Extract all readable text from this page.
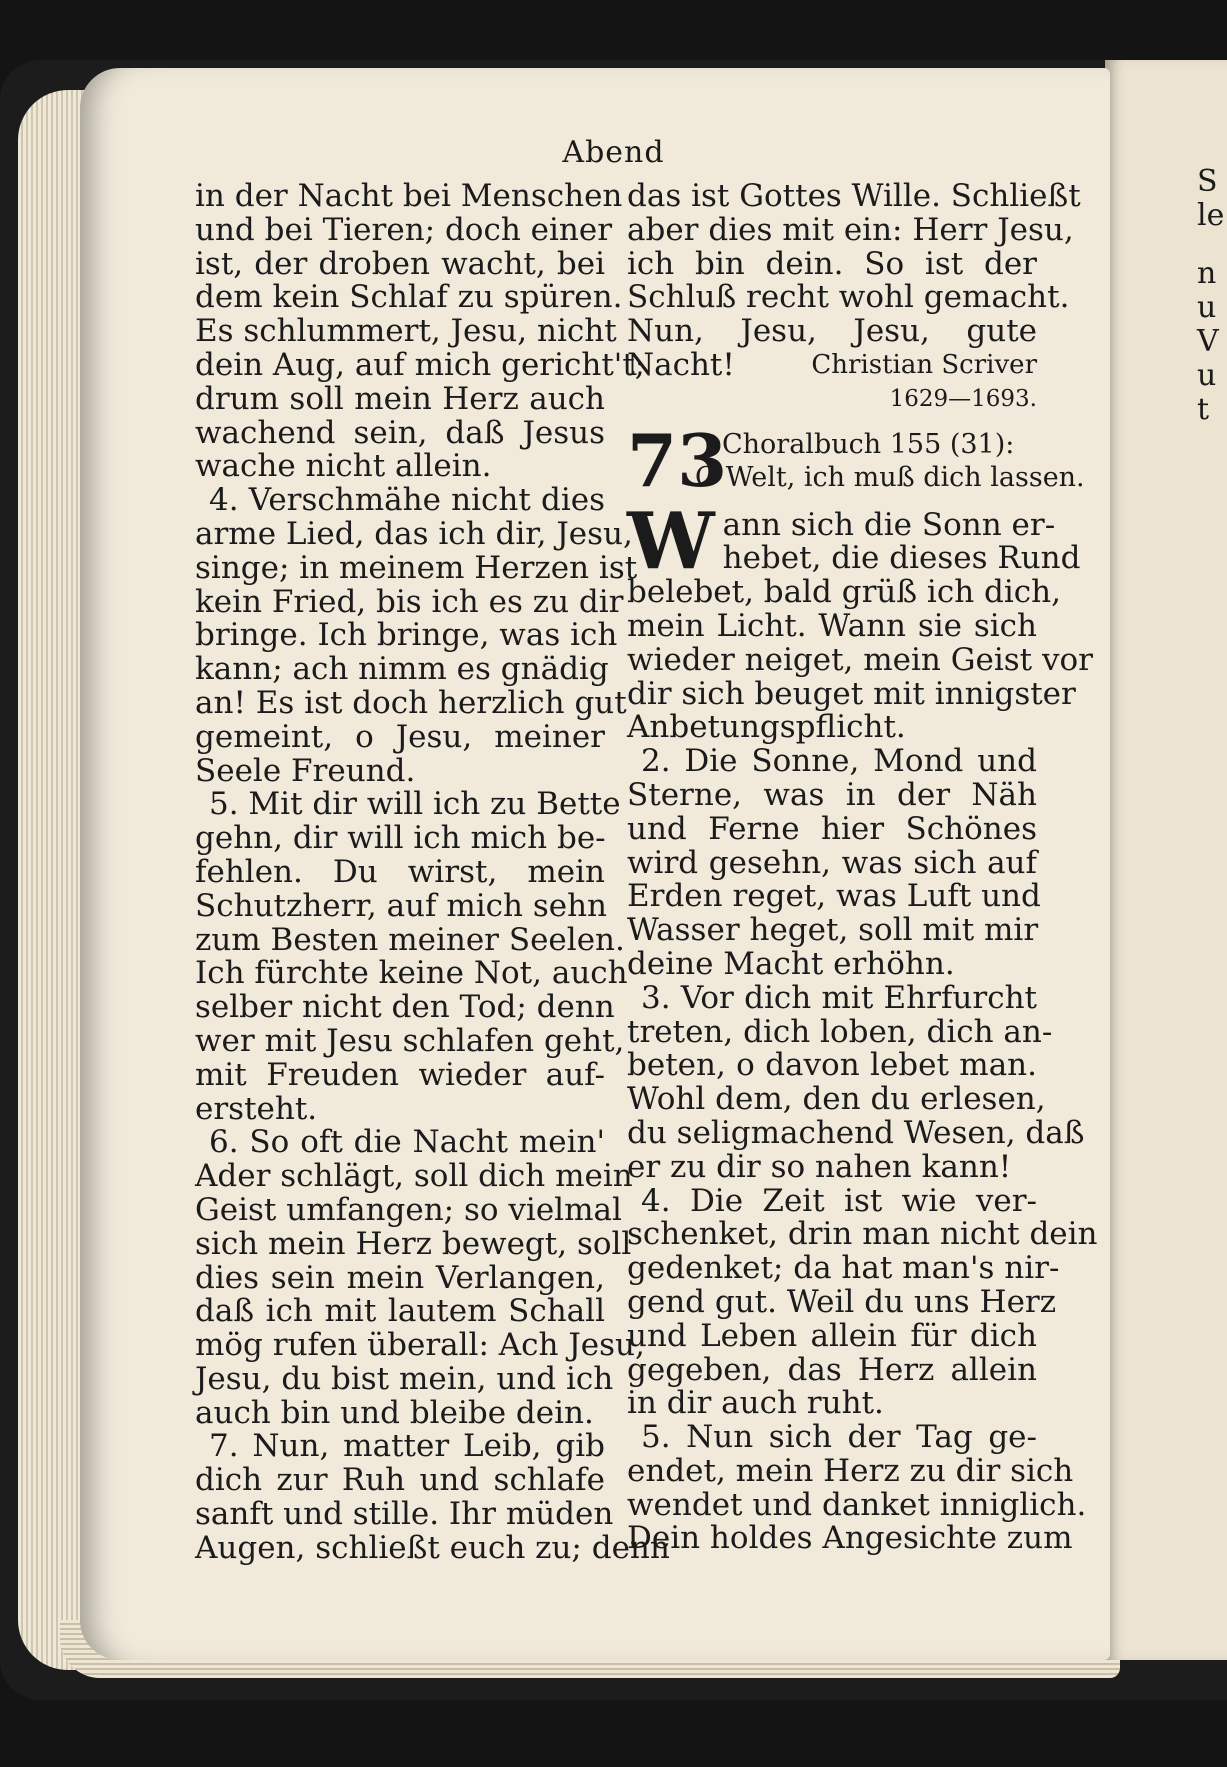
S
le
n
u
V
u
t
Abend
in der Nacht bei Menschen
und bei Tieren; doch einer
ist, der droben wacht, bei
dem kein Schlaf zu spüren.
Es schlummert, Jesu, nicht
dein Aug, auf mich gericht't;
drum soll mein Herz auch
wachend sein, daß Jesus
wache nicht allein.
4. Verschmähe nicht dies
arme Lied, das ich dir, Jesu,
singe; in meinem Herzen ist
kein Fried, bis ich es zu dir
bringe. Ich bringe, was ich
kann; ach nimm es gnädig
an! Es ist doch herzlich gut
gemeint, o Jesu, meiner
Seele Freund.
5. Mit dir will ich zu Bette
gehn, dir will ich mich be-
fehlen. Du wirst, mein
Schutzherr, auf mich sehn
zum Besten meiner Seelen.
Ich fürchte keine Not, auch
selber nicht den Tod; denn
wer mit Jesu schlafen geht,
mit Freuden wieder auf-
ersteht.
6. So oft die Nacht mein'
Ader schlägt, soll dich mein
Geist umfangen; so vielmal
sich mein Herz bewegt, soll
dies sein mein Verlangen,
daß ich mit lautem Schall
mög rufen überall: Ach Jesu,
Jesu, du bist mein, und ich
auch bin und bleibe dein.
7. Nun, matter Leib, gib
dich zur Ruh und schlafe
sanft und stille. Ihr müden
Augen, schließt euch zu; denn
das ist Gottes Wille. Schließt
aber dies mit ein: Herr Jesu,
ich bin dein. So ist der
Schluß recht wohl gemacht.
Nun, Jesu, Jesu, gute
Nacht!	Christian Scriver
1629—1693.
73
Choralbuch 155 (31):
O Welt, ich muß dich lassen.
W ann sich die Sonn er-
hebet, die dieses Rund
belebet, bald grüß ich dich,
mein Licht. Wann sie sich
wieder neiget, mein Geist vor
dir sich beuget mit innigster
Anbetungspflicht.
2. Die Sonne, Mond und
Sterne, was in der Näh
und Ferne hier Schönes
wird gesehn, was sich auf
Erden reget, was Luft und
Wasser heget, soll mit mir
deine Macht erhöhn.
3. Vor dich mit Ehrfurcht
treten, dich loben, dich an-
beten, o davon lebet man.
Wohl dem, den du erlesen,
du seligmachend Wesen, daß
er zu dir so nahen kann!
4. Die Zeit ist wie ver-
schenket, drin man nicht dein
gedenket; da hat man's nir-
gend gut. Weil du uns Herz
und Leben allein für dich
gegeben, das Herz allein
in dir auch ruht.
5. Nun sich der Tag ge-
endet, mein Herz zu dir sich
wendet und danket inniglich.
Dein holdes Angesichte zum
